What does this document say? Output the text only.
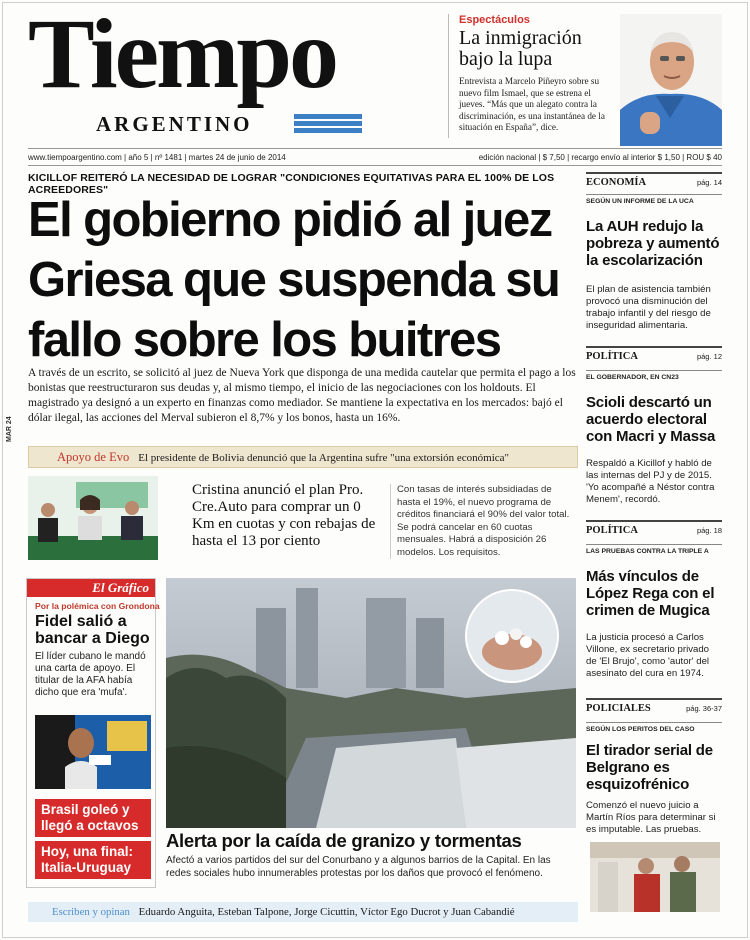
Tiempo
ARGENTINO
Espectáculos
La inmigración bajo la lupa
Entrevista a Marcelo Piñeyro sobre su nuevo film Ismael, que se estrena el jueves. “Más que un alegato contra la discriminación, es una instantánea de la situación en España”, dice.
www.tiempoargentino.com | año 5 | nº 1481 | martes 24 de junio de 2014	edición nacional | $ 7,50 | recargo envío al interior $ 1,50 | ROU $ 40
KICILLOF REITERÓ LA NECESIDAD DE LOGRAR "CONDICIONES EQUITATIVAS PARA EL 100% DE LOS ACREEDORES"
El gobierno pidió al juez Griesa que suspenda su fallo sobre los buitres
A través de un escrito, se solicitó al juez de Nueva York que disponga de una medida cautelar que permita el pago a los bonistas que reestructuraron sus deudas y, al mismo tiempo, el inicio de las negociaciones con los holdouts. El magistrado ya designó a un experto en finanzas como mediador. Se mantiene la expectativa en los mercados: bajó el dólar ilegal, las acciones del Merval subieron el 8,7% y los bonos, hasta un 16%.
Apoyo de Evo El presidente de Bolivia denunció que la Argentina sufre "una extorsión económica"
MAR 24
Cristina anunció el plan Pro. Cre.Auto para comprar un 0 Km en cuotas y con rebajas de hasta el 13 por ciento
Con tasas de interés subsidiadas de hasta el 19%, el nuevo programa de créditos financiará el 90% del valor total. Se podrá cancelar en 60 cuotas mensuales. Habrá a disposición 26 modelos. Los requisitos.
El Gráfico
Por la polémica con Grondona
Fidel salió a bancar a Diego
El líder cubano le mandó una carta de apoyo. El titular de la AFA había dicho que era 'mufa'.
Brasil goleó y llegó a octavos
Hoy, una final: Italia-Uruguay
Alerta por la caída de granizo y tormentas
Afectó a varios partidos del sur del Conurbano y a algunos barrios de la Capital. En las redes sociales hubo innumerables protestas por los daños que provocó el fenómeno.
Escriben y opinan Eduardo Anguita, Esteban Talpone, Jorge Cicuttin, Víctor Ego Ducrot y Juan Cabandié
ECONOMÍA	pág. 14
SEGÚN UN INFORME DE LA UCA
La AUH redujo la pobreza y aumentó la escolarización
El plan de asistencia también provocó una disminución del trabajo infantil y del riesgo de inseguridad alimentaria.
POLÍTICA	pág. 12
EL GOBERNADOR, EN CN23
Scioli descartó un acuerdo electoral con Macri y Massa
Respaldó a Kicillof y habló de las internas del PJ y de 2015. 'Yo acompañé a Néstor contra Menem', recordó.
POLÍTICA	pág. 18
LAS PRUEBAS CONTRA LA TRIPLE A
Más vínculos de López Rega con el crimen de Mugica
La justicia procesó a Carlos Villone, ex secretario privado de 'El Brujo', como 'autor' del asesinato del cura en 1974.
POLICIALES	pág. 36-37
SEGÚN LOS PERITOS DEL CASO
El tirador serial de Belgrano es esquizofrénico
Comenzó el nuevo juicio a Martín Ríos para determinar si es imputable. Las pruebas.
